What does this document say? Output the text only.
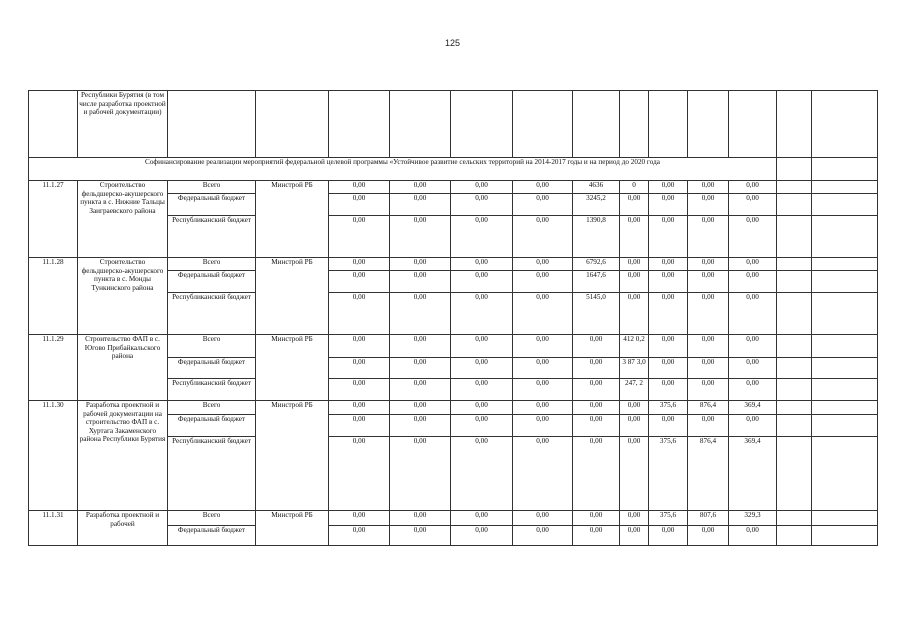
125
	Республики Бурятия (в том числе разработка проектной и рабочей документации)													
Софинансирование реализации мероприятий федеральной целевой программы «Устойчивое развитие сельских территорий на 2014-2017 годы и на период до 2020 года														
11.1.27	Строительство фельдшерско-акушерского пункта в с. Нижние Тальцы Заиграевского района	Всего	Минстрой РБ	0,00	0,00	0,00	0,00	4636	0	0,00	0,00	0,00		
		Федеральный бюджет		0,00	0,00	0,00	0,00	3245,2	0,00	0,00	0,00	0,00		
		Республиканский бюджет		0,00	0,00	0,00	0,00	1390,8	0,00	0,00	0,00	0,00		
11.1.28	Строительство фельдшерско-акушерского пункта в с. Монды Тункинского района	Всего	Минстрой РБ	0,00	0,00	0,00	0,00	6792,6	0,00	0,00	0,00	0,00		
		Федеральный бюджет		0,00	0,00	0,00	0,00	1647,6	0,00	0,00	0,00	0,00		
		Республиканский бюджет		0,00	0,00	0,00	0,00	5145,0	0,00	0,00	0,00	0,00		
11.1.29	Строительство ФАП в с. Югово Прибайкальского района	Всего	Минстрой РБ	0,00	0,00	0,00	0,00	0,00	412 0,2	0,00	0,00	0,00		
		Федеральный бюджет		0,00	0,00	0,00	0,00	0,00	3 87 3,0	0,00	0,00	0,00		
		Республиканский бюджет		0,00	0,00	0,00	0,00	0,00	247, 2	0,00	0,00	0,00		
11.1.30	Разработка проектной и рабочей документации на строительство ФАП в с. Хуртага Закаменского района Республики Бурятия	Всего	Минстрой РБ	0,00	0,00	0,00	0,00	0,00	0,00	375,6	876,4	369,4		
		Федеральный бюджет		0,00	0,00	0,00	0,00	0,00	0,00	0,00	0,00	0,00		
		Республиканский бюджет		0,00	0,00	0,00	0,00	0,00	0,00	375,6	876,4	369,4		
11.1.31	Разработка проектной и рабочей	Всего	Минстрой РБ	0,00	0,00	0,00	0,00	0,00	0,00	375,6	807,6	329,3		
		Федеральный бюджет		0,00	0,00	0,00	0,00	0,00	0,00	0,00	0,00	0,00		
